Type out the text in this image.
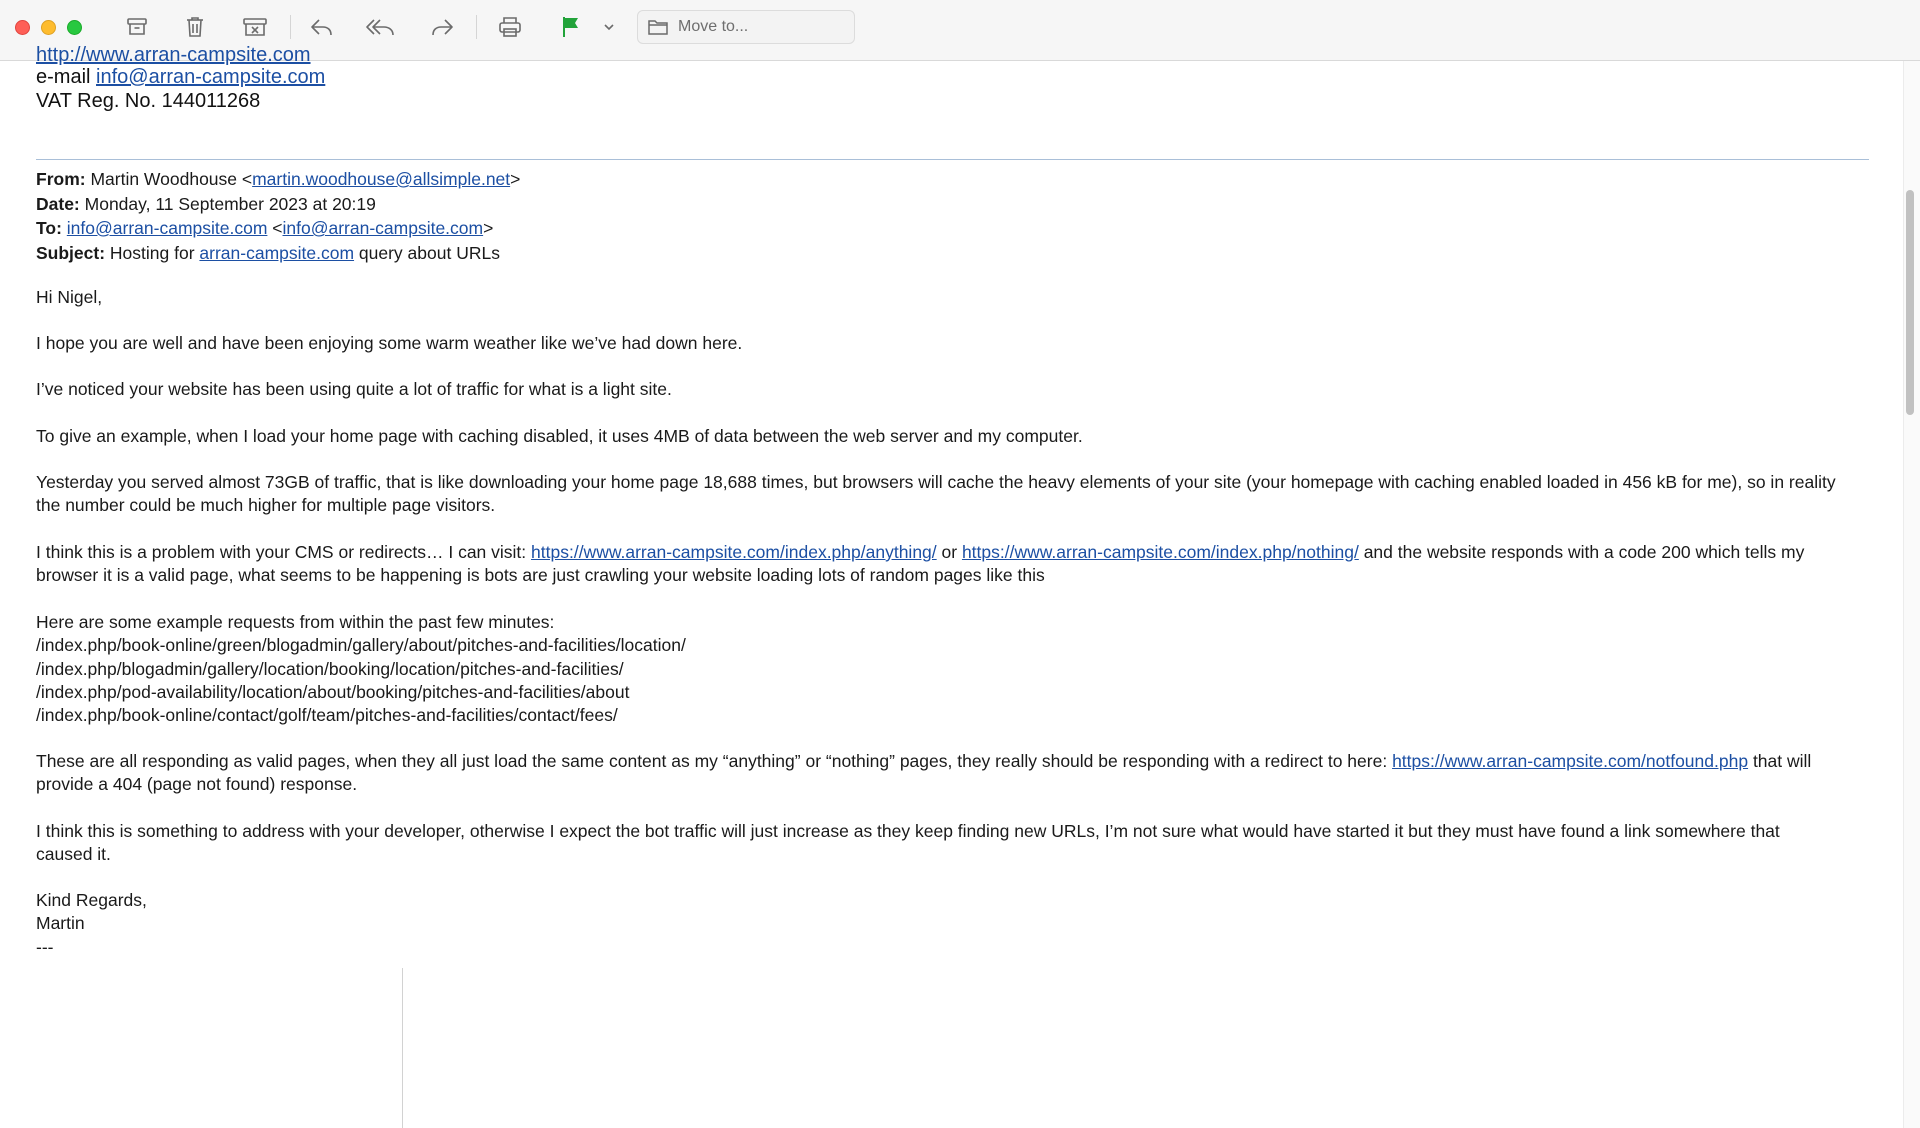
Move to...
http://www.arran-campsite.com
e-mail info@arran-campsite.com
VAT Reg. No. 144011268
From: Martin Woodhouse <martin.woodhouse@allsimple.net>
Date: Monday, 11 September 2023 at 20:19
To: info@arran-campsite.com <info@arran-campsite.com>
Subject: Hosting for arran-campsite.com query about URLs
Hi Nigel,
I hope you are well and have been enjoying some warm weather like we’ve had down here.
I’ve noticed your website has been using quite a lot of traffic for what is a light site.
To give an example, when I load your home page with caching disabled, it uses 4MB of data between the web server and my computer.
Yesterday you served almost 73GB of traffic, that is like downloading your home page 18,688 times, but browsers will cache the heavy elements of your site (your homepage with caching enabled loaded in 456 kB for me), so in reality
the number could be much higher for multiple page visitors.
I think this is a problem with your CMS or redirects… I can visit: https://www.arran-campsite.com/index.php/anything/ or https://www.arran-campsite.com/index.php/nothing/ and the website responds with a code 200 which tells my
browser it is a valid page, what seems to be happening is bots are just crawling your website loading lots of random pages like this
Here are some example requests from within the past few minutes:
/index.php/book-online/green/blogadmin/gallery/about/pitches-and-facilities/location/
/index.php/blogadmin/gallery/location/booking/location/pitches-and-facilities/
/index.php/pod-availability/location/about/booking/pitches-and-facilities/about
/index.php/book-online/contact/golf/team/pitches-and-facilities/contact/fees/
These are all responding as valid pages, when they all just load the same content as my “anything” or “nothing” pages, they really should be responding with a redirect to here: https://www.arran-campsite.com/notfound.php that will
provide a 404 (page not found) response.
I think this is something to address with your developer, otherwise I expect the bot traffic will just increase as they keep finding new URLs, I’m not sure what would have started it but they must have found a link somewhere that
caused it.
Kind Regards,
Martin
---
